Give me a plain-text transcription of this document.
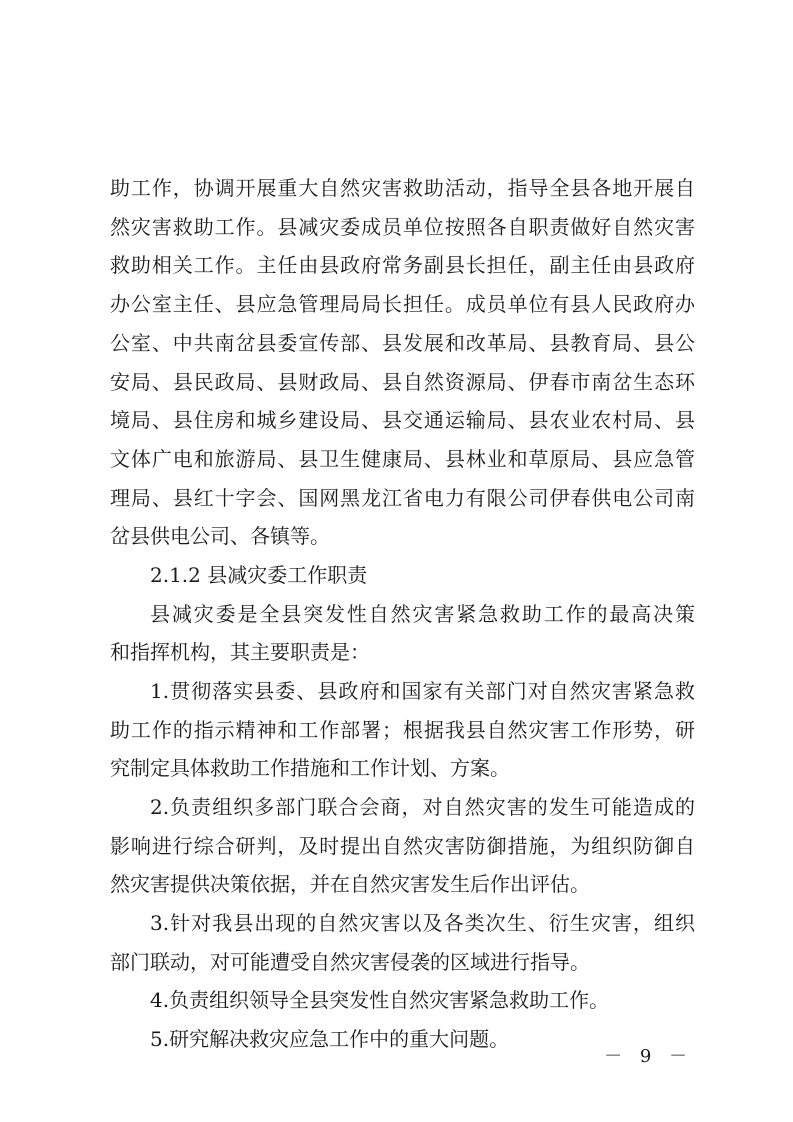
助工作，协调开展重大自然灾害救助活动，指导全县各地开展自
然灾害救助工作。县减灾委成员单位按照各自职责做好自然灾害
救助相关工作。主任由县政府常务副县长担任，副主任由县政府
办公室主任、县应急管理局局长担任。成员单位有县人民政府办
公室、中共南岔县委宣传部、县发展和改革局、县教育局、县公
安局、县民政局、县财政局、县自然资源局、伊春市南岔生态环
境局、县住房和城乡建设局、县交通运输局、县农业农村局、县
文体广电和旅游局、县卫生健康局、县林业和草原局、县应急管
理局、县红十字会、国网黑龙江省电力有限公司伊春供电公司南
岔县供电公司、各镇等。
2.1.2 县减灾委工作职责
县减灾委是全县突发性自然灾害紧急救助工作的最高决策
和指挥机构，其主要职责是：
1.贯彻落实县委、县政府和国家有关部门对自然灾害紧急救
助工作的指示精神和工作部署；根据我县自然灾害工作形势，研
究制定具体救助工作措施和工作计划、方案。
2.负责组织多部门联合会商，对自然灾害的发生可能造成的
影响进行综合研判，及时提出自然灾害防御措施，为组织防御自
然灾害提供决策依据，并在自然灾害发生后作出评估。
3.针对我县出现的自然灾害以及各类次生、衍生灾害，组织
部门联动，对可能遭受自然灾害侵袭的区域进行指导。
4.负责组织领导全县突发性自然灾害紧急救助工作。
5.研究解决救灾应急工作中的重大问题。
－ 9 －
